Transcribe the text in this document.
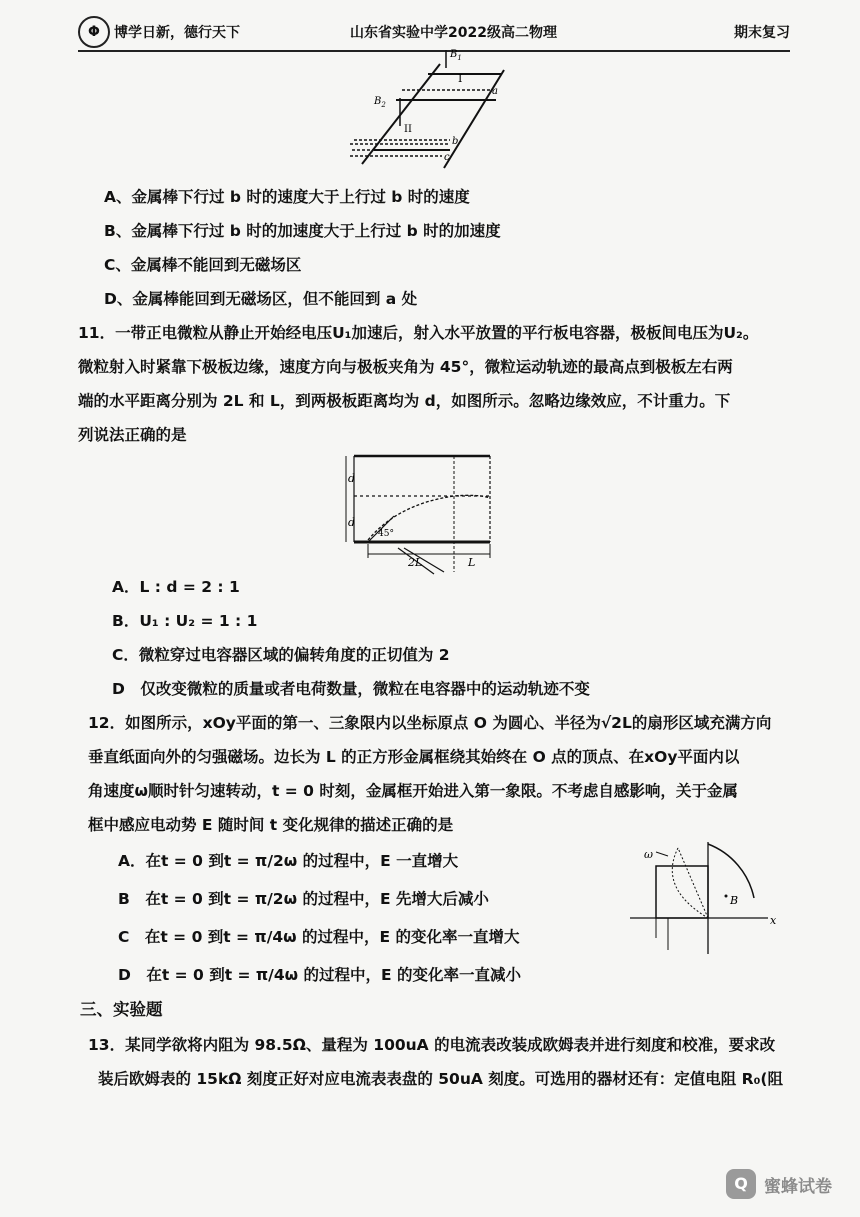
Φ	博学日新，德行天下	山东省实验中学2022级高二物理	期末复习
$B_1$
$B_2$
I
II
a
b
c
A、金属棒下行过 b 时的速度大于上行过 b 时的速度
B、金属棒下行过 b 时的加速度大于上行过 b 时的加速度
C、金属棒不能回到无磁场区
D、金属棒能回到无磁场区，但不能回到 a 处
11．一带正电微粒从静止开始经电压U₁加速后，射入水平放置的平行板电容器，极板间电压为U₂。
微粒射入时紧靠下极板边缘，速度方向与极板夹角为 45°，微粒运动轨迹的最高点到极板左右两
端的水平距离分别为 2L 和 L，到两极板距离均为 d，如图所示。忽略边缘效应，不计重力。下
列说法正确的是
d
d
45°
2L	L
A．L : d = 2 : 1
B．U₁ : U₂ = 1 : 1
C．微粒穿过电容器区域的偏转角度的正切值为 2
D　仅改变微粒的质量或者电荷数量，微粒在电容器中的运动轨迹不变
12．如图所示，xOy平面的第一、三象限内以坐标原点 O 为圆心、半径为√2L的扇形区域充满方向
垂直纸面向外的匀强磁场。边长为 L 的正方形金属框绕其始终在 O 点的顶点、在xOy平面内以
角速度ω顺时针匀速转动，t = 0 时刻，金属框开始进入第一象限。不考虑自感影响，关于金属
框中感应电动势 E 随时间 t 变化规律的描述正确的是
A．在t = 0 到t = π/2ω 的过程中，E 一直增大
B　在t = 0 到t = π/2ω 的过程中，E 先增大后减小
C　在t = 0 到t = π/4ω 的过程中，E 的变化率一直增大
D　在t = 0 到t = π/4ω 的过程中，E 的变化率一直减小
x
ω
B
三、实验题
13．某同学欲将内阻为 98.5Ω、量程为 100uA 的电流表改装成欧姆表并进行刻度和校准，要求改
装后欧姆表的 15kΩ 刻度正好对应电流表表盘的 50uA 刻度。可选用的器材还有：定值电阻 R₀(阻
Q 蜜蜂试卷
